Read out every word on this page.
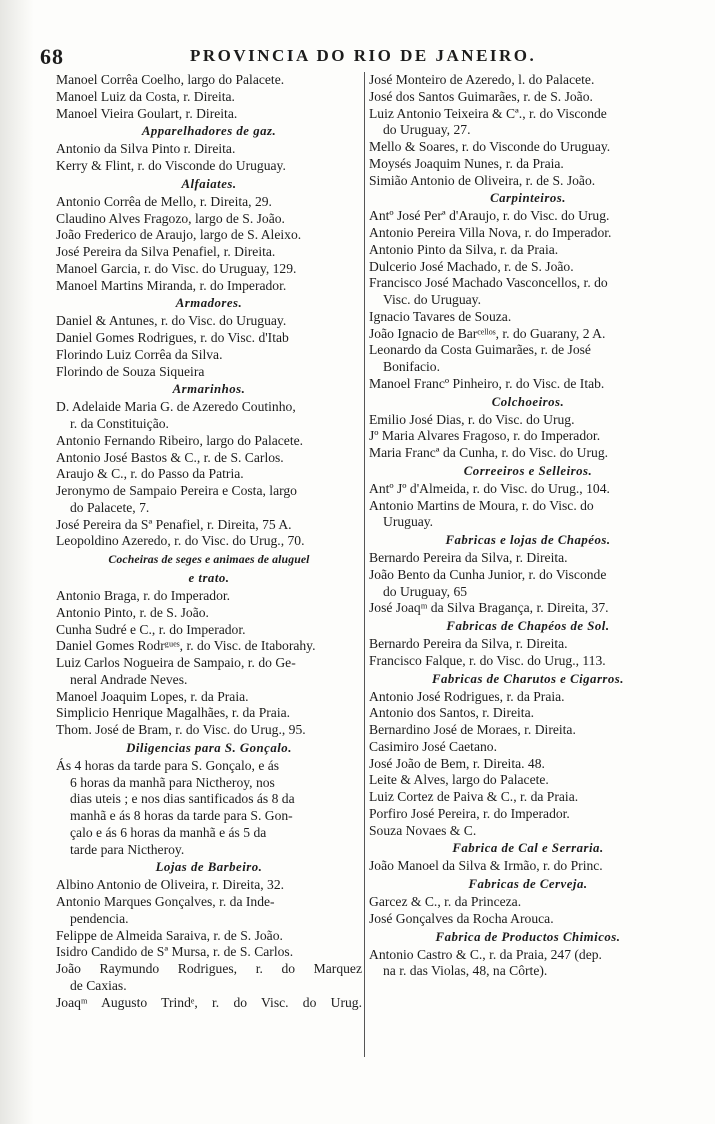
68	PROVINCIA DO RIO DE JANEIRO.
Manoel Corrêa Coelho, largo do Palacete.
Manoel Luiz da Costa, r. Direita.
Manoel Vieira Goulart, r. Direita.
Apparelhadores de gaz.
Antonio da Silva Pinto r. Direita.
Kerry & Flint, r. do Visconde do Uruguay.
Alfaiates.
Antonio Corrêa de Mello, r. Direita, 29.
Claudino Alves Fragozo, largo de S. João.
João Frederico de Araujo, largo de S. Aleixo.
José Pereira da Silva Penafiel, r. Direita.
Manoel Garcia, r. do Visc. do Uruguay, 129.
Manoel Martins Miranda, r. do Imperador.
Armadores.
Daniel & Antunes, r. do Visc. do Uruguay.
Daniel Gomes Rodrigues, r. do Visc. d'Itab
Florindo Luiz Corrêa da Silva.
Florindo de Souza Siqueira
Armarinhos.
D. Adelaide Maria G. de Azeredo Coutinho,
r. da Constituição.
Antonio Fernando Ribeiro, largo do Palacete.
Antonio José Bastos & C., r. de S. Carlos.
Araujo & C., r. do Passo da Patria.
Jeronymo de Sampaio Pereira e Costa, largo
do Palacete, 7.
José Pereira da Sª Penafiel, r. Direita, 75 A.
Leopoldino Azeredo, r. do Visc. do Urug., 70.
Cocheiras de seges e animaes de aluguel
e trato.
Antonio Braga, r. do Imperador.
Antonio Pinto, r. de S. João.
Cunha Sudré e C., r. do Imperador.
Daniel Gomes Rodrᵍᵘᵉˢ, r. do Visc. de Itaborahy.
Luiz Carlos Nogueira de Sampaio, r. do Ge-
neral Andrade Neves.
Manoel Joaquim Lopes, r. da Praia.
Simplicio Henrique Magalhães, r. da Praia.
Thom. José de Bram, r. do Visc. do Urug., 95.
Diligencias para S. Gonçalo.
Ás 4 horas da tarde para S. Gonçalo, e ás
6 horas da manhã para Nictheroy, nos
dias uteis ; e nos dias santificados ás 8 da
manhã e ás 8 horas da tarde para S. Gon-
çalo e ás 6 horas da manhã e ás 5 da
tarde para Nictheroy.
Lojas de Barbeiro.
Albino Antonio de Oliveira, r. Direita, 32.
Antonio Marques Gonçalves, r. da Inde-
pendencia.
Felippe de Almeida Saraiva, r. de S. João.
Isidro Candido de Sª Mursa, r. de S. Carlos.
João Raymundo Rodrigues, r. do Marquez
de Caxias.
Joaqᵐ Augusto Trindᵉ, r. do Visc. do Urug.
José Monteiro de Azeredo, l. do Palacete.
José dos Santos Guimarães, r. de S. João.
Luiz Antonio Teixeira & Cª., r. do Visconde
do Uruguay, 27.
Mello & Soares, r. do Visconde do Uruguay.
Moysés Joaquim Nunes, r. da Praia.
Simião Antonio de Oliveira, r. de S. João.
Carpinteiros.
Antº José Perª d'Araujo, r. do Visc. do Urug.
Antonio Pereira Villa Nova, r. do Imperador.
Antonio Pinto da Silva, r. da Praia.
Dulcerio José Machado, r. de S. João.
Francisco José Machado Vasconcellos, r. do
Visc. do Uruguay.
Ignacio Tavares de Souza.
João Ignacio de Barᶜᵉˡˡᵒˢ, r. do Guarany, 2 A.
Leonardo da Costa Guimarães, r. de José
Bonifacio.
Manoel Francº Pinheiro, r. do Visc. de Itab.
Colchoeiros.
Emilio José Dias, r. do Visc. do Urug.
Jº Maria Alvares Fragoso, r. do Imperador.
Maria Francª da Cunha, r. do Visc. do Urug.
Correeiros e Selleiros.
Antº Jº d'Almeida, r. do Visc. do Urug., 104.
Antonio Martins de Moura, r. do Visc. do
Uruguay.
Fabricas e lojas de Chapéos.
Bernardo Pereira da Silva, r. Direita.
João Bento da Cunha Junior, r. do Visconde
do Uruguay, 65
José Joaqᵐ da Silva Bragança, r. Direita, 37.
Fabricas de Chapéos de Sol.
Bernardo Pereira da Silva, r. Direita.
Francisco Falque, r. do Visc. do Urug., 113.
Fabricas de Charutos e Cigarros.
Antonio José Rodrigues, r. da Praia.
Antonio dos Santos, r. Direita.
Bernardino José de Moraes, r. Direita.
Casimiro José Caetano.
José João de Bem, r. Direita. 48.
Leite & Alves, largo do Palacete.
Luiz Cortez de Paiva & C., r. da Praia.
Porfiro José Pereira, r. do Imperador.
Souza Novaes & C.
Fabrica de Cal e Serraria.
João Manoel da Silva & Irmão, r. do Princ.
Fabricas de Cerveja.
Garcez & C., r. da Princeza.
José Gonçalves da Rocha Arouca.
Fabrica de Productos Chimicos.
Antonio Castro & C., r. da Praia, 247 (dep.
na r. das Violas, 48, na Côrte).
